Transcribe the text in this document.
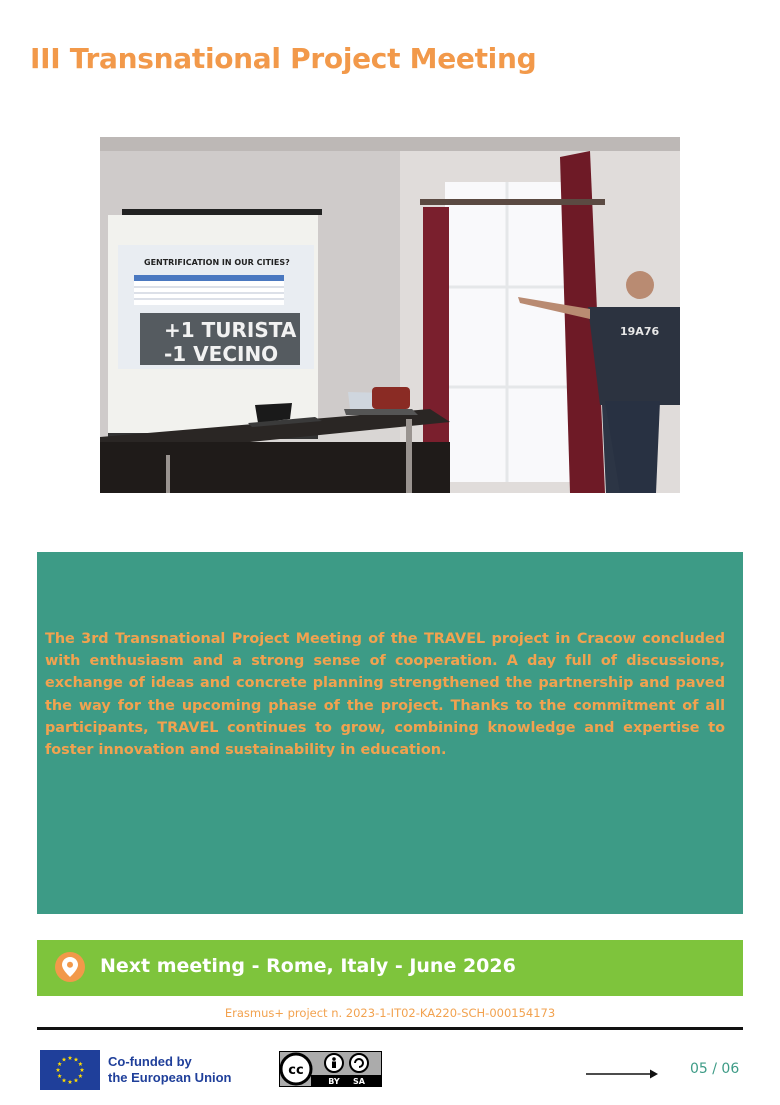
III Transnational Project Meeting
GENTRIFICATION IN OUR CITIES?
+1 TURISTA
-1 VECINO
19A76

The 3rd Transnational Project Meeting of the TRAVEL project in Cracow concluded with enthusiasm and a strong sense of cooperation. A day full of discussions, exchange of ideas and concrete planning strengthened the partnership and paved the way for the upcoming phase of the project. Thanks to the commitment of all participants, TRAVEL continues to grow, combining knowledge and expertise to foster innovation and sustainability in education.

Next meeting - Rome, Italy - June 2026
Erasmus+ project n. 2023-1-IT02-KA220-SCH-000154173
Co-funded by
the European Union	cc
BY SA
05 / 06
